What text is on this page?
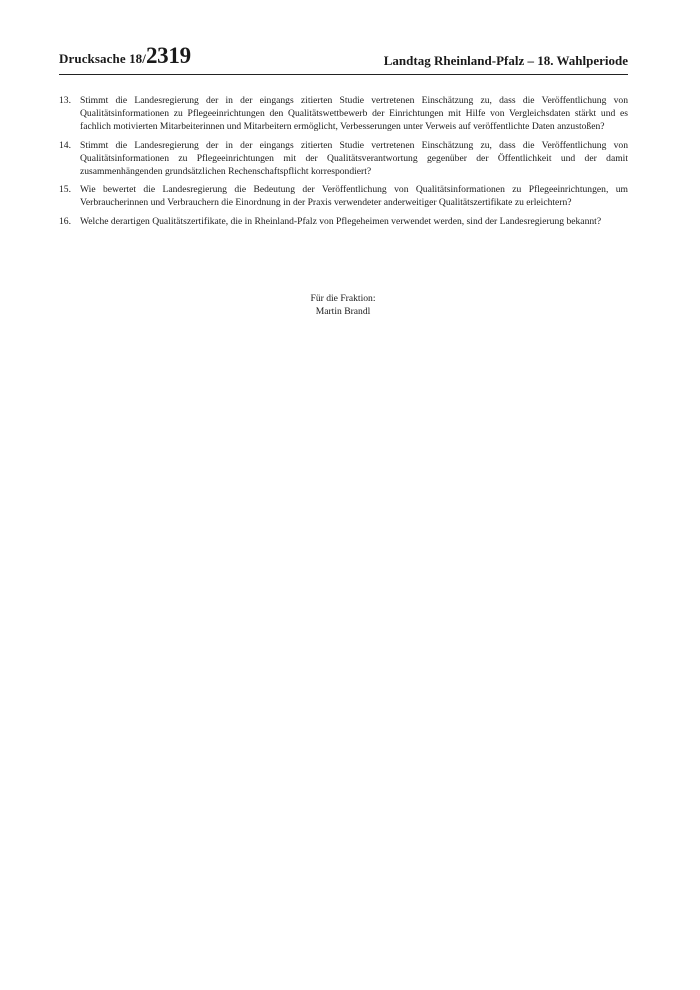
Drucksache 18/2319	Landtag Rheinland-Pfalz – 18. Wahlperiode
13. Stimmt die Landesregierung der in der eingangs zitierten Studie vertretenen Einschätzung zu, dass die Veröffentlichung von Qualitätsinformationen zu Pflegeeinrichtungen den Qualitätswettbewerb der Einrichtungen mit Hilfe von Vergleichsdaten stärkt und es fachlich motivierten Mitarbeiterinnen und Mitarbeitern ermöglicht, Verbesserungen unter Verweis auf veröffentlichte Daten anzustoßen?
14. Stimmt die Landesregierung der in der eingangs zitierten Studie vertretenen Einschätzung zu, dass die Veröffentlichung von Qualitätsinformationen zu Pflegeeinrichtungen mit der Qualitätsverantwortung gegenüber der Öffentlichkeit und der damit zusammenhängenden grundsätzlichen Rechenschaftspflicht korrespondiert?
15. Wie bewertet die Landesregierung die Bedeutung der Veröffentlichung von Qualitätsinformationen zu Pflegeeinrichtungen, um Verbraucherinnen und Verbrauchern die Einordnung in der Praxis verwendeter anderweitiger Qualitätszertifikate zu erleichtern?
16. Welche derartigen Qualitätszertifikate, die in Rheinland-Pfalz von Pflegeheimen verwendet werden, sind der Landesregierung bekannt?
Für die Fraktion:
Martin Brandl
